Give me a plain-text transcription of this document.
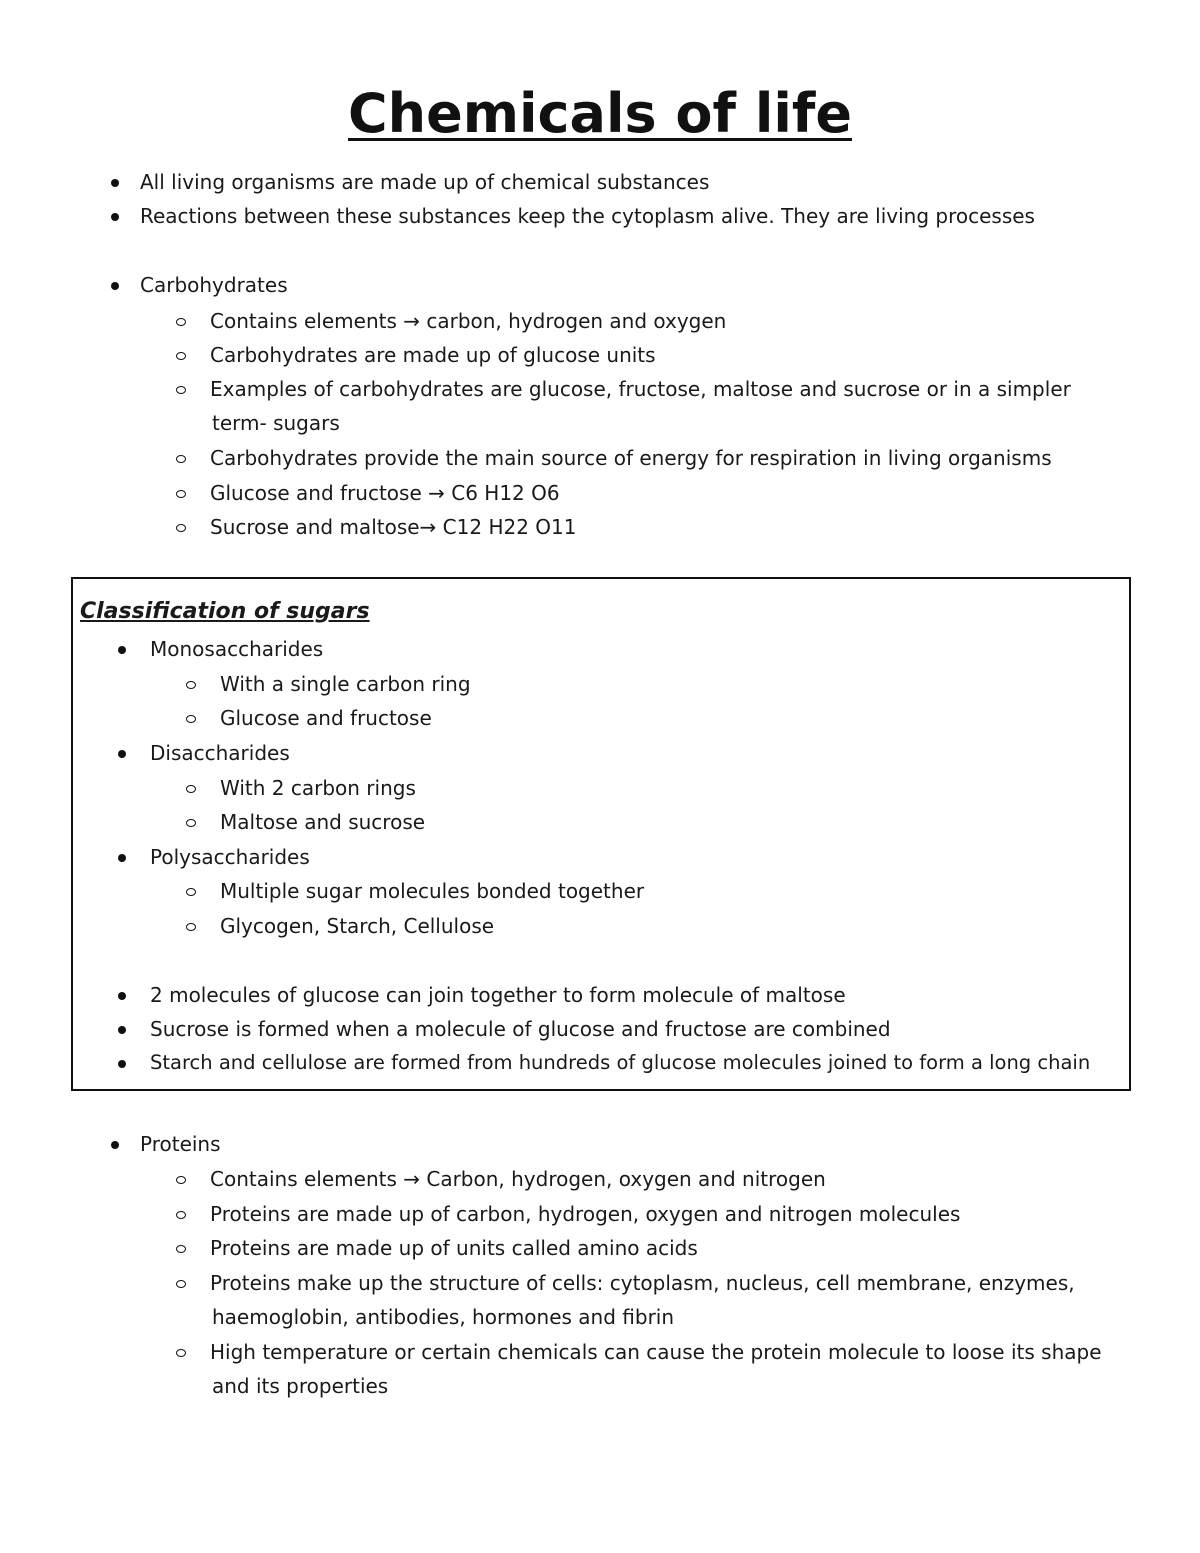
Chemicals of life
All living organisms are made up of chemical substances
Reactions between these substances keep the cytoplasm alive. They are living processes
Carbohydrates
Contains elements → carbon, hydrogen and oxygen
Carbohydrates are made up of glucose units
Examples of carbohydrates are glucose, fructose, maltose and sucrose or in a simpler
term- sugars
Carbohydrates provide the main source of energy for respiration in living organisms
Glucose and fructose → C6 H12 O6
Sucrose and maltose→ C12 H22 O11
Classification of sugars
Monosaccharides
With a single carbon ring
Glucose and fructose
Disaccharides
With 2 carbon rings
Maltose and sucrose
Polysaccharides
Multiple sugar molecules bonded together
Glycogen, Starch, Cellulose
2 molecules of glucose can join together to form molecule of maltose
Sucrose is formed when a molecule of glucose and fructose are combined
Starch and cellulose are formed from hundreds of glucose molecules joined to form a long chain
Proteins
Contains elements → Carbon, hydrogen, oxygen and nitrogen
Proteins are made up of carbon, hydrogen, oxygen and nitrogen molecules
Proteins are made up of units called amino acids
Proteins make up the structure of cells: cytoplasm, nucleus, cell membrane, enzymes,
haemoglobin, antibodies, hormones and fibrin
High temperature or certain chemicals can cause the protein molecule to loose its shape
and its properties
